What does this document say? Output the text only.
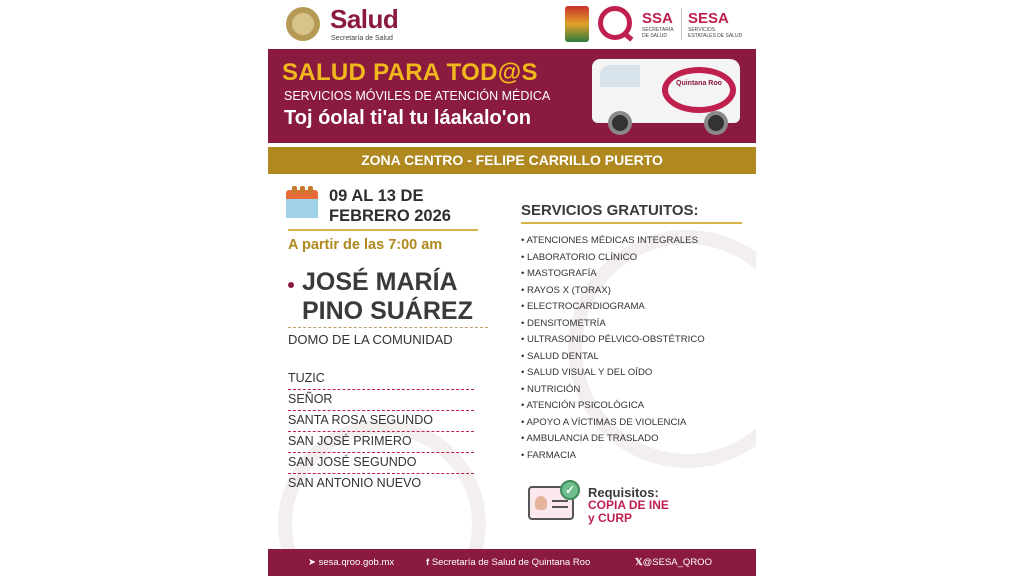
Salud
Secretaría de Salud
SSA
SECRETARÍA DE SALUD
SESA
SERVICIOS ESTATALES DE SALUD
SALUD PARA TOD@S
SERVICIOS MÓVILES DE ATENCIÓN MÉDICA
Toj óolal ti'al tu láakalo'on
Quintana Roo
ZONA CENTRO - FELIPE CARRILLO PUERTO
09 AL 13 DE
FEBRERO 2026
A partir de las 7:00 am
JOSÉ MARÍA
PINO SUÁREZ
DOMO DE LA COMUNIDAD
TUZIC
SEÑOR
SANTA ROSA SEGUNDO
SAN JOSÉ PRIMERO
SAN JOSÉ SEGUNDO
SAN ANTONIO NUEVO
SERVICIOS GRATUITOS:
• ATENCIONES MÉDICAS INTEGRALES
• LABORATORIO CLÍNICO
• MASTOGRAFÍA
• RAYOS X (TORAX)
• ELECTROCARDIOGRAMA
• DENSITOMETRÍA
• ULTRASONIDO PÉLVICO-OBSTÉTRICO
• SALUD DENTAL
• SALUD VISUAL Y DEL OÍDO
• NUTRICIÓN
• ATENCIÓN PSICOLÓGICA
• APOYO A VÍCTIMAS DE VIOLENCIA
• AMBULANCIA DE TRASLADO
• FARMACIA
✓ Requisitos:
COPIA DE INE
y CURP
➤ sesa.qroo.gob.mx	f Secretaría de Salud de Quintana Roo	𝕏@SESA_QROO
